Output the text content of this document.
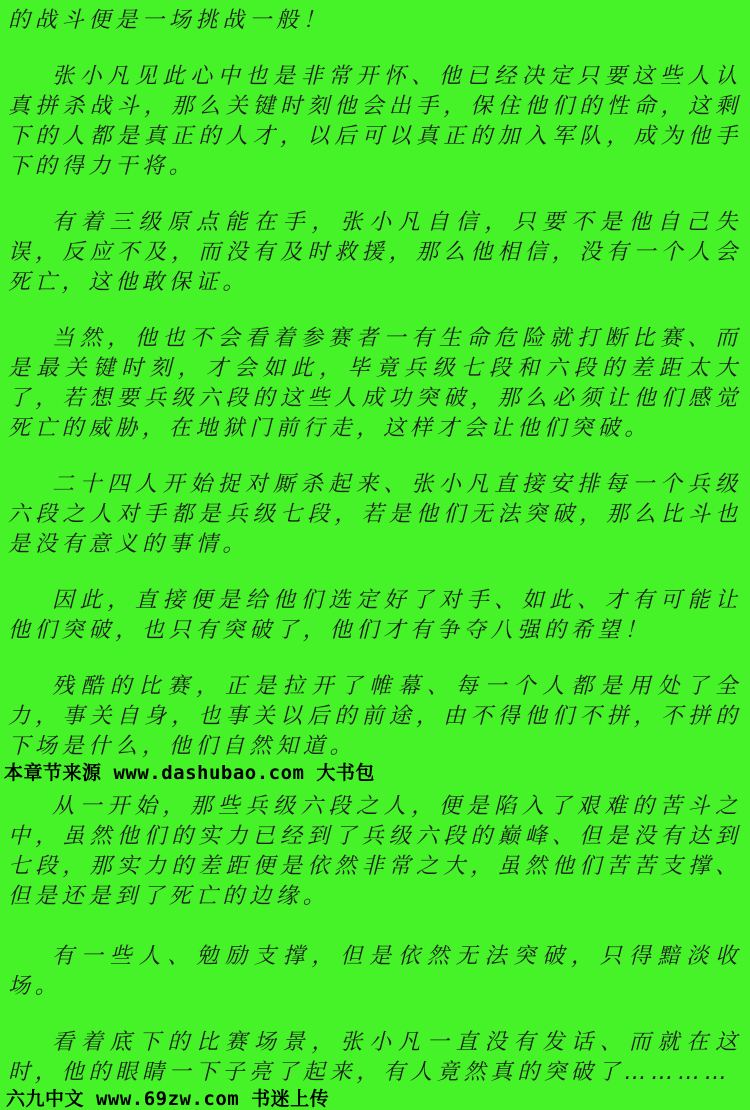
的战斗便是一场挑战一般！

张小凡见此心中也是非常开怀、他已经决定只要这些人认真拼杀战斗，那么关键时刻他会出手，保住他们的性命，这剩下的人都是真正的人才，以后可以真正的加入军队，成为他手下的得力干将。

有着三级原点能在手，张小凡自信，只要不是他自己失误，反应不及，而没有及时救援，那么他相信，没有一个人会死亡，这他敢保证。

当然，他也不会看着参赛者一有生命危险就打断比赛、而是最关键时刻，才会如此，毕竟兵级七段和六段的差距太大了，若想要兵级六段的这些人成功突破，那么必须让他们感觉死亡的威胁，在地狱门前行走，这样才会让他们突破。

二十四人开始捉对厮杀起来、张小凡直接安排每一个兵级六段之人对手都是兵级七段，若是他们无法突破，那么比斗也是没有意义的事情。

因此，直接便是给他们选定好了对手、如此、才有可能让他们突破，也只有突破了，他们才有争夺八强的希望！

残酷的比赛，正是拉开了帷幕、每一个人都是用处了全力，事关自身，也事关以后的前途，由不得他们不拼，不拼的下场是什么，他们自然知道。

本章节来源 www.dashubao.com 大书包

从一开始，那些兵级六段之人，便是陷入了艰难的苦斗之中，虽然他们的实力已经到了兵级六段的巅峰、但是没有达到七段，那实力的差距便是依然非常之大，虽然他们苦苦支撑、但是还是到了死亡的边缘。

有一些人、勉励支撑，但是依然无法突破，只得黯淡收场。

看着底下的比赛场景，张小凡一直没有发话、而就在这时，他的眼睛一下子亮了起来，有人竟然真的突破了…………

六九中文 www.69zw.com 书迷上传
